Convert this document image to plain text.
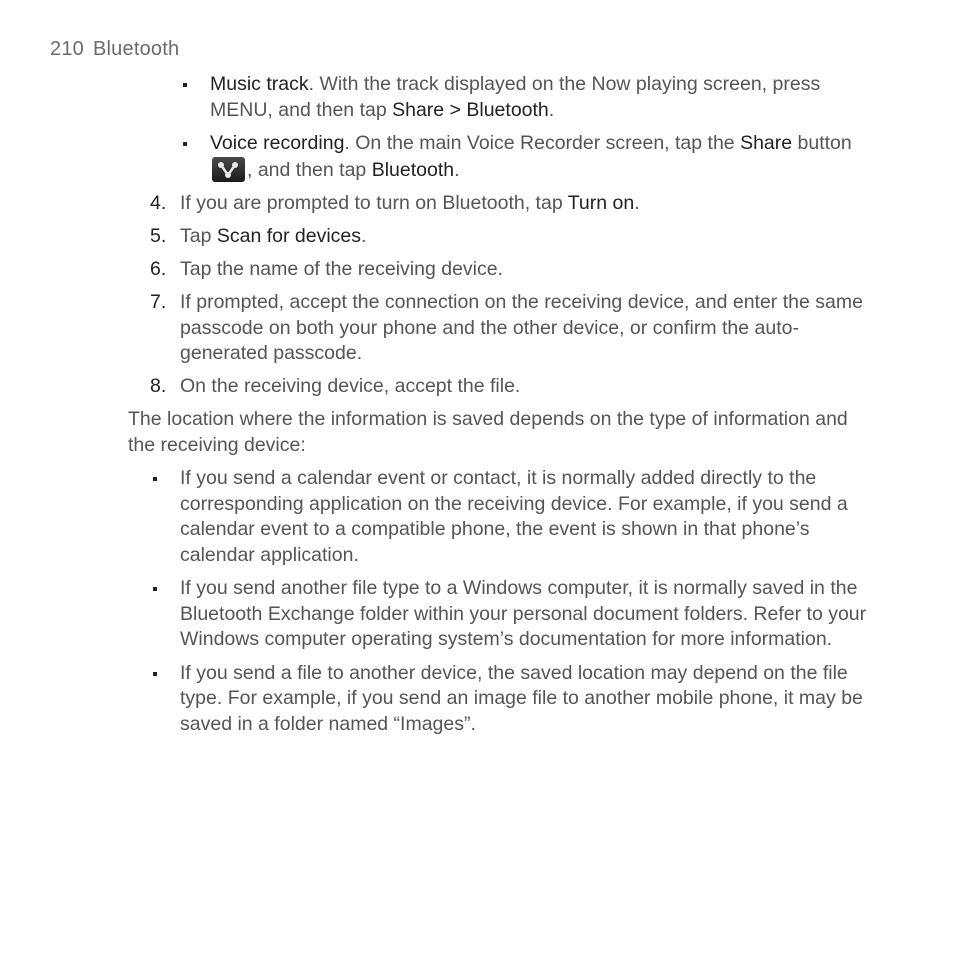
210 Bluetooth
Music track. With the track displayed on the Now playing screen, press MENU, and then tap Share > Bluetooth.
Voice recording. On the main Voice Recorder screen, tap the Share button
, and then tap Bluetooth.
4. If you are prompted to turn on Bluetooth, tap Turn on.
5. Tap Scan for devices.
6. Tap the name of the receiving device.
7. If prompted, accept the connection on the receiving device, and enter the same passcode on both your phone and the other device, or confirm the auto-generated passcode.
8. On the receiving device, accept the file.

The location where the information is saved depends on the type of information and the receiving device:

If you send a calendar event or contact, it is normally added directly to the corresponding application on the receiving device. For example, if you send a calendar event to a compatible phone, the event is shown in that phone’s calendar application.
If you send another file type to a Windows computer, it is normally saved in the Bluetooth Exchange folder within your personal document folders. Refer to your Windows computer operating system’s documentation for more information.
If you send a file to another device, the saved location may depend on the file type. For example, if you send an image file to another mobile phone, it may be saved in a folder named “Images”.
